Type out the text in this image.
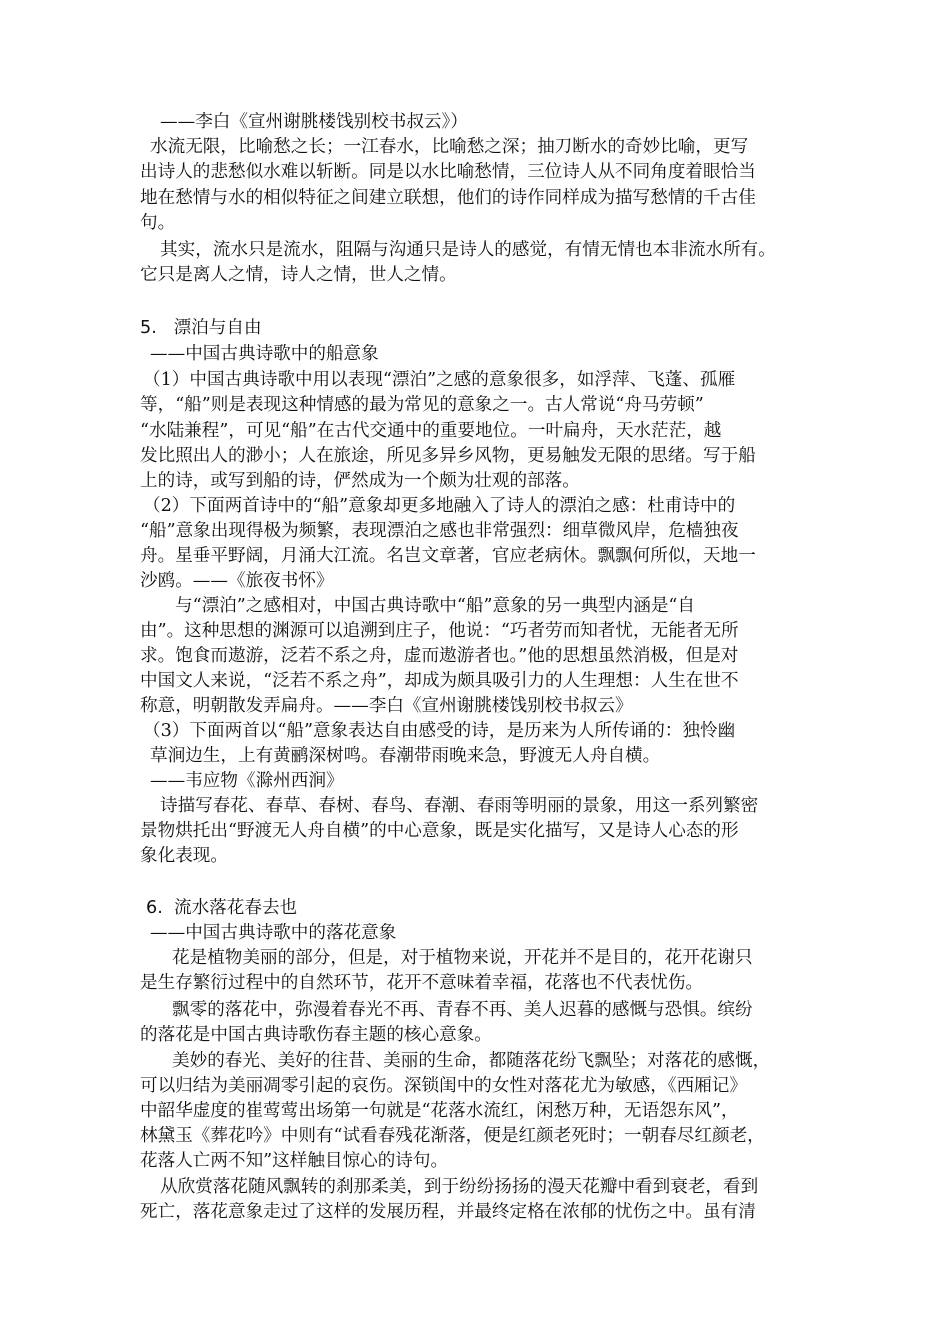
——李白《宣州谢朓楼饯别校书叔云》）
水流无限，比喻愁之长；一江春水，比喻愁之深；抽刀断水的奇妙比喻，更写
出诗人的悲愁似水难以斩断。同是以水比喻愁情，三位诗人从不同角度着眼恰当
地在愁情与水的相似特征之间建立联想，他们的诗作同样成为描写愁情的千古佳
句。
其实，流水只是流水，阻隔与沟通只是诗人的感觉，有情无情也本非流水所有。
它只是离人之情，诗人之情，世人之情。
5.   漂泊与自由
——中国古典诗歌中的船意象
（1）中国古典诗歌中用以表现“漂泊”之感的意象很多，如浮萍、飞蓬、孤雁
等，“船”则是表现这种情感的最为常见的意象之一。古人常说“舟马劳顿”
“水陆兼程”，可见“船”在古代交通中的重要地位。一叶扁舟，天水茫茫，越
发比照出人的渺小；人在旅途，所见多异乡风物，更易触发无限的思绪。写于船
上的诗，或写到船的诗，俨然成为一个颇为壮观的部落。
（2）下面两首诗中的“船”意象却更多地融入了诗人的漂泊之感：杜甫诗中的
“船”意象出现得极为频繁，表现漂泊之感也非常强烈：细草微风岸，危樯独夜
舟。星垂平野阔，月涌大江流。名岂文章著，官应老病休。飘飘何所似，天地一
沙鸥。——《旅夜书怀》
与“漂泊”之感相对，中国古典诗歌中“船”意象的另一典型内涵是“自
由”。这种思想的渊源可以追溯到庄子，他说：“巧者劳而知者忧，无能者无所
求。饱食而遨游，泛若不系之舟，虚而遨游者也。”他的思想虽然消极，但是对
中国文人来说，“泛若不系之舟”，却成为颇具吸引力的人生理想：人生在世不
称意，明朝散发弄扁舟。——李白《宣州谢朓楼饯别校书叔云》
（3）下面两首以“船”意象表达自由感受的诗，是历来为人所传诵的：独怜幽
草涧边生，上有黄鹂深树鸣。春潮带雨晚来急，野渡无人舟自横。
——韦应物《滁州西涧》
诗描写春花、春草、春树、春鸟、春潮、春雨等明丽的景象，用这一系列繁密
景物烘托出“野渡无人舟自横”的中心意象，既是实化描写，又是诗人心态的形
象化表现。
6.  流水落花春去也
——中国古典诗歌中的落花意象
花是植物美丽的部分，但是，对于植物来说，开花并不是目的，花开花谢只
是生存繁衍过程中的自然环节，花开不意味着幸福，花落也不代表忧伤。
飘零的落花中，弥漫着春光不再、青春不再、美人迟暮的感慨与恐惧。缤纷
的落花是中国古典诗歌伤春主题的核心意象。
美妙的春光、美好的往昔、美丽的生命，都随落花纷飞飘坠；对落花的感慨，
可以归结为美丽凋零引起的哀伤。深锁闺中的女性对落花尤为敏感，《西厢记》
中韶华虚度的崔莺莺出场第一句就是“花落水流红，闲愁万种，无语怨东风”，
林黛玉《葬花吟》中则有“试看春残花渐落，便是红颜老死时；一朝春尽红颜老，
花落人亡两不知”这样触目惊心的诗句。
从欣赏落花随风飘转的刹那柔美，到于纷纷扬扬的漫天花瓣中看到衰老，看到
死亡，落花意象走过了这样的发展历程，并最终定格在浓郁的忧伤之中。虽有清
